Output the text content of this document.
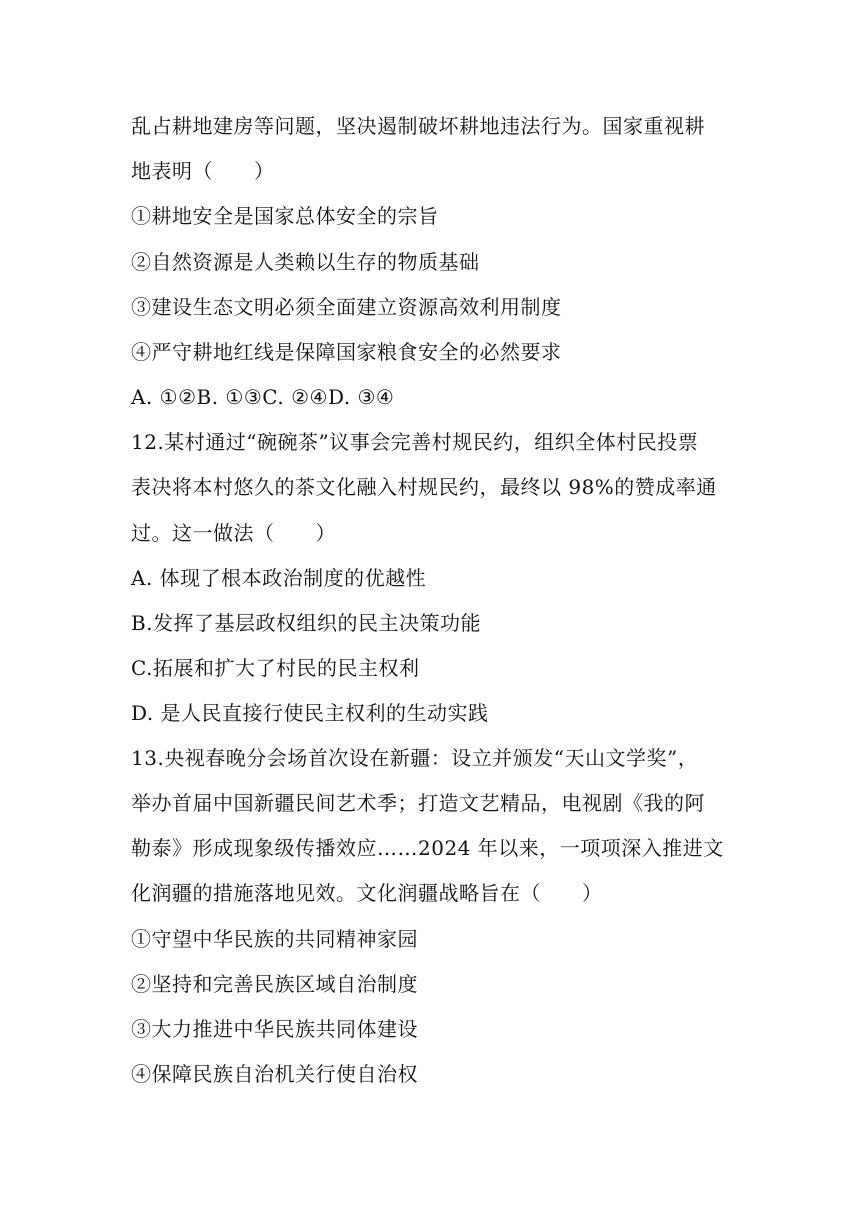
乱占耕地建房等问题，坚决遏制破坏耕地违法行为。国家重视耕
地表明（　　）
①耕地安全是国家总体安全的宗旨
②自然资源是人类赖以生存的物质基础
③建设生态文明必须全面建立资源高效利用制度
④严守耕地红线是保障国家粮食安全的必然要求
A. ①②B. ①③C. ②④D. ③④
12.某村通过“碗碗茶”议事会完善村规民约，组织全体村民投票
表决将本村悠久的茶文化融入村规民约，最终以 98%的赞成率通
过。这一做法（　　）
A. 体现了根本政治制度的优越性
B.发挥了基层政权组织的民主决策功能
C.拓展和扩大了村民的民主权利
D. 是人民直接行使民主权利的生动实践
13.央视春晚分会场首次设在新疆：设立并颁发“天山文学奖”，
举办首届中国新疆民间艺术季；打造文艺精品，电视剧《我的阿
勒泰》形成现象级传播效应……2024 年以来，一项项深入推进文
化润疆的措施落地见效。文化润疆战略旨在（　　）
①守望中华民族的共同精神家园
②坚持和完善民族区域自治制度
③大力推进中华民族共同体建设
④保障民族自治机关行使自治权
